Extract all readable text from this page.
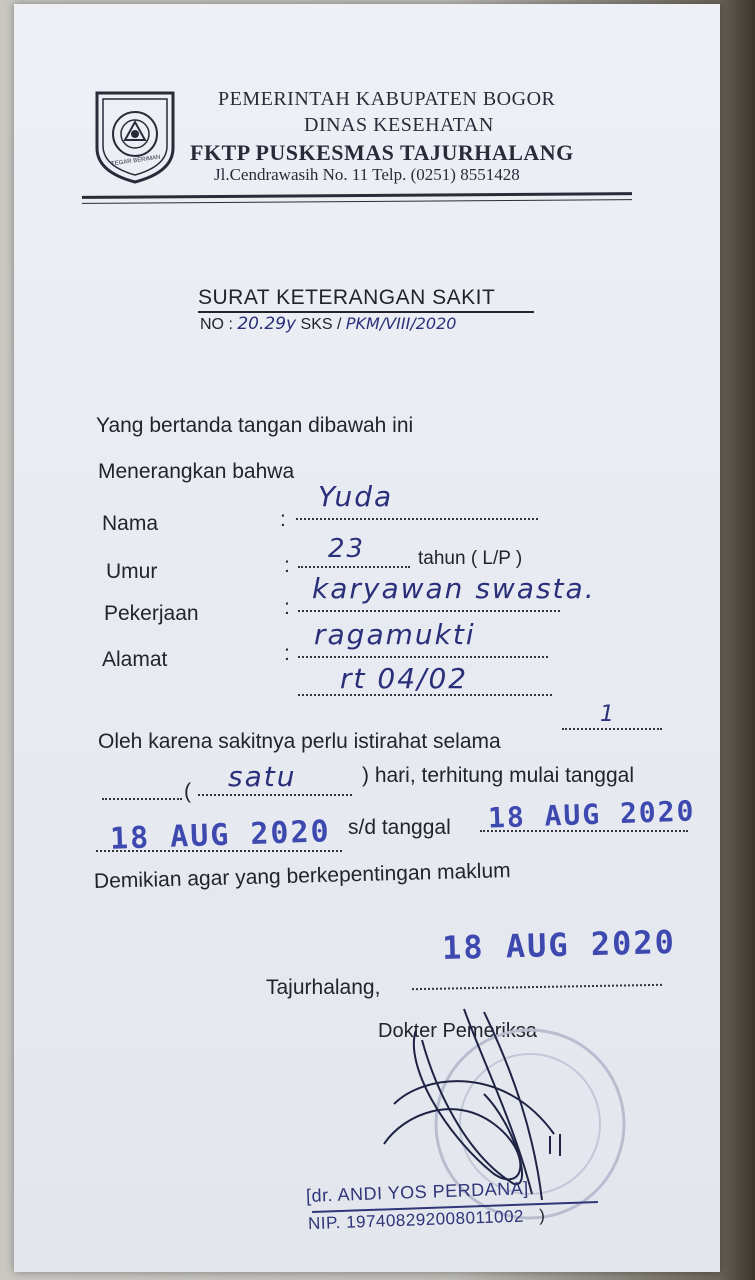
TEGAR BERIMAN
PEMERINTAH KABUPATEN BOGOR
DINAS KESEHATAN
FKTP PUSKESMAS TAJURHALANG
Jl.Cendrawasih No. 11 Telp. (0251) 8551428
SURAT KETERANGAN SAKIT
NO : 20.29y SKS / PKM/VIII/2020
Yang bertanda tangan dibawah ini
Menerangkan bahwa
Nama	:
Yuda
Umur	:
23	tahun ( L/P )
Pekerjaan	:
karyawan swasta.
Alamat	:
ragamukti
rt 04/02
Oleh karena sakitnya perlu istirahat selama
1
( satu	) hari, terhitung mulai tanggal
18 AUG 2020 s/d tanggal 18 AUG 2020
Demikian agar yang berkepentingan maklum
18 AUG 2020
Tajurhalang,
Dokter Pemeriksa
[dr. ANDI YOS PERDANA]
NIP. 197408292008011002 )
